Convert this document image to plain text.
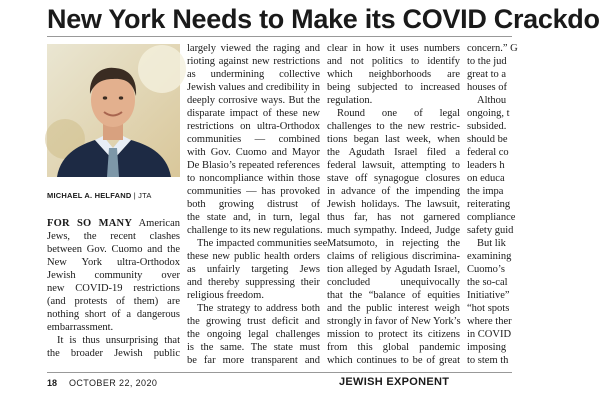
New York Needs to Make its COVID Crackdo
MICHAEL A. HELFAND | JTA
FOR SO MANY American
Jews, the recent clashes
between Gov. Cuomo and the
New York ultra-Orthodox
Jewish community over
new COVID-19 restrictions
(and protests of them) are
nothing short of a dangerous
embarrassment.
It is thus unsurprising that
the broader Jewish public
largely viewed the raging and
rioting against new restrictions
as undermining collective
Jewish values and credibility in
deeply corrosive ways. But the
disparate impact of these new
restrictions on ultra-Orthodox
communities — combined
with Gov. Cuomo and Mayor
De Blasio’s repeated references
to noncompliance within those
communities — has provoked
both growing distrust of
the state and, in turn, legal
challenge to its new regulations.
The impacted communities see
these new public health orders
as unfairly targeting Jews
and thereby suppressing their
religious freedom.
The strategy to address both
the growing trust deficit and
the ongoing legal challenges
is the same. The state must
be far more transparent and
clear in how it uses numbers
and not politics to identify
which neighborhoods are
being subjected to increased
regulation.
Round one of legal
challenges to the new restric-
tions began last week, when
the Agudath Israel filed a
federal lawsuit, attempting to
stave off synagogue closures
in advance of the impending
Jewish holidays. The lawsuit,
thus far, has not garnered
much sympathy. Indeed, Judge
Matsumoto, in rejecting the
claims of religious discrimina-
tion alleged by Agudath Israel,
concluded unequivocally
that the “balance of equities
and the public interest weigh
strongly in favor of New York’s
mission to protect its citizens
from this global pandemic
which continues to be of great
concern.” G
to the jud
great to a
houses of
Althou
ongoing, t
subsided.
should be
federal co
leaders h
on educa
the impa
reiterating
compliance
safety guid
But lik
examining
Cuomo’s
the so-cal
Initiative”
“hot spots
where ther
in COVID
imposing
to stem th
18 OCTOBER 22, 2020	JEWISH EXPONENT
